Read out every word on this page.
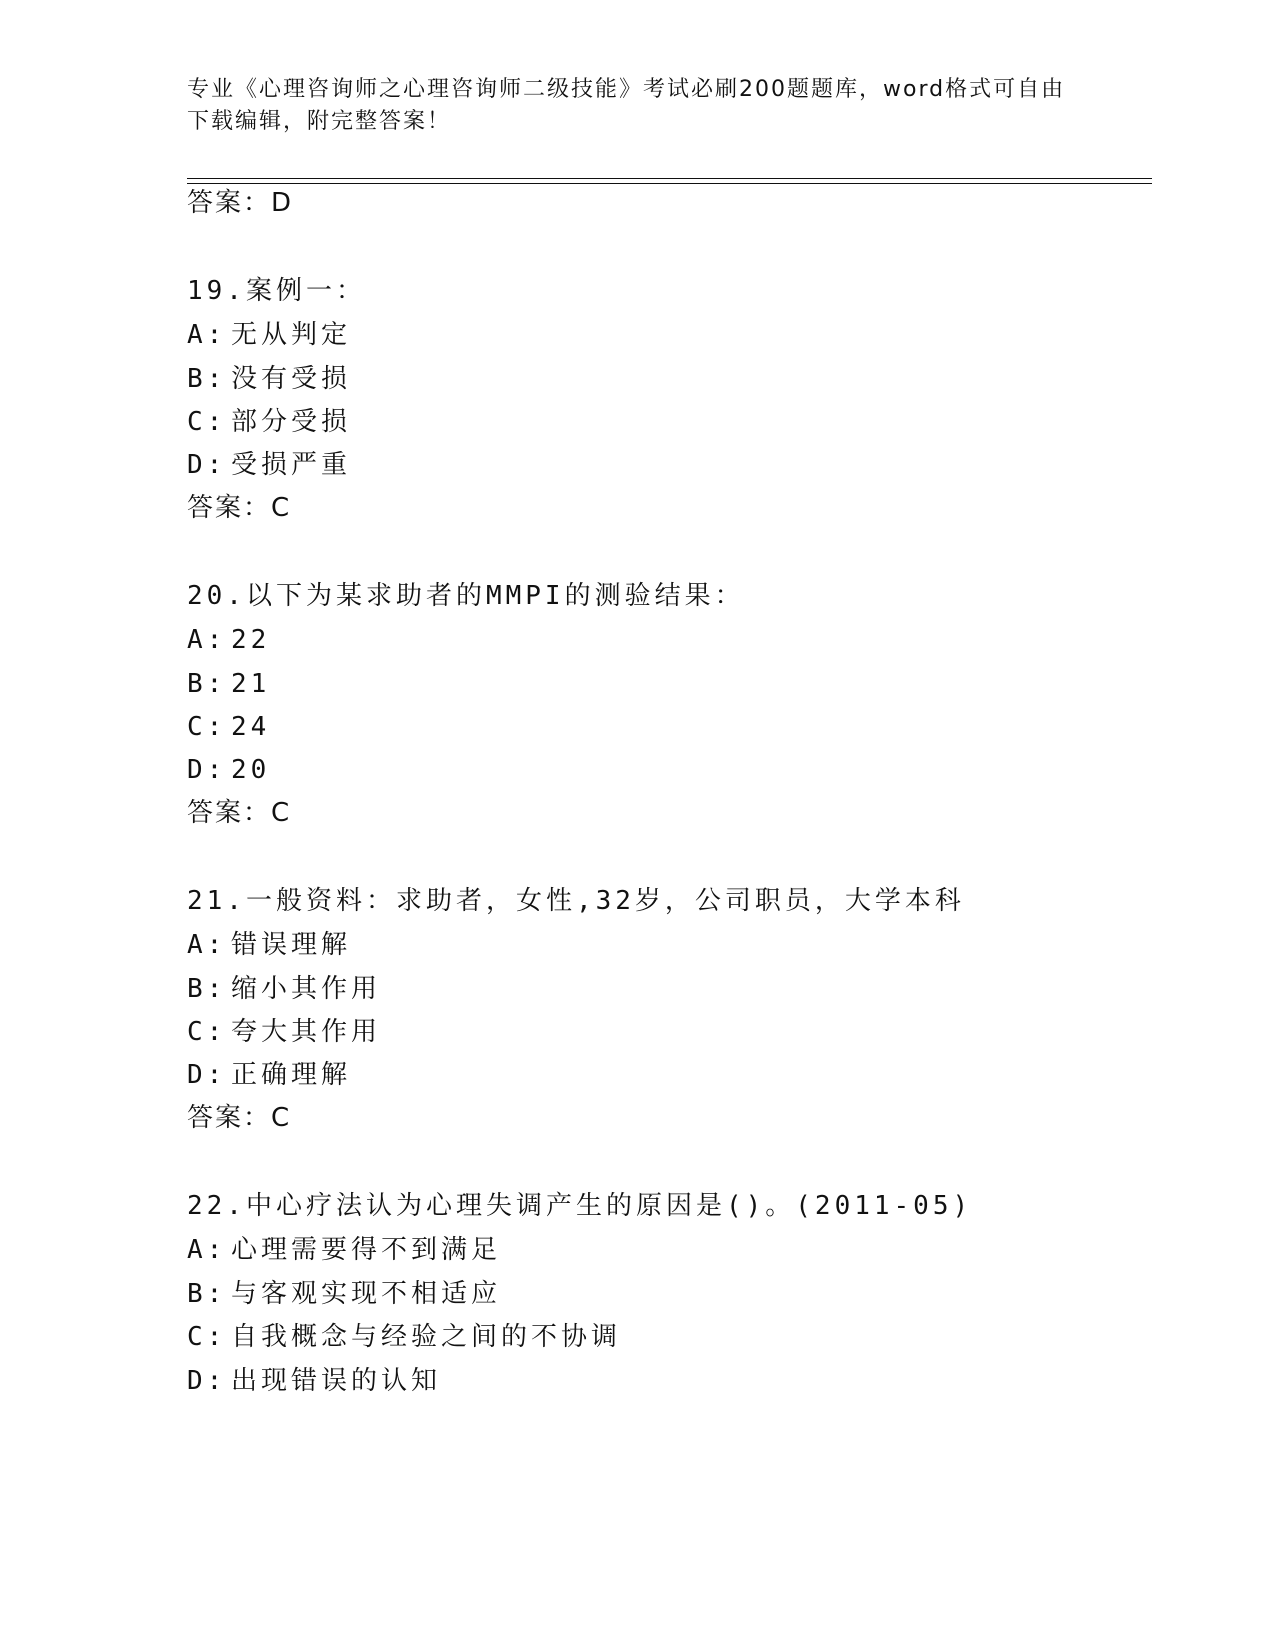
专业《心理咨询师之心理咨询师二级技能》考试必刷200题题库，word格式可自由下载编辑，附完整答案！
答案：D
19.案例一：
A: 无从判定
B: 没有受损
C: 部分受损
D: 受损严重
答案：C
20.以下为某求助者的MMPI的测验结果：
A: 22
B: 21
C: 24
D: 20
答案：C
21.一般资料：求助者，女性,32岁，公司职员，大学本科
A: 错误理解
B: 缩小其作用
C: 夸大其作用
D: 正确理解
答案：C
22.中心疗法认为心理失调产生的原因是()。(2011-05)
A: 心理需要得不到满足
B: 与客观实现不相适应
C: 自我概念与经验之间的不协调
D: 出现错误的认知
